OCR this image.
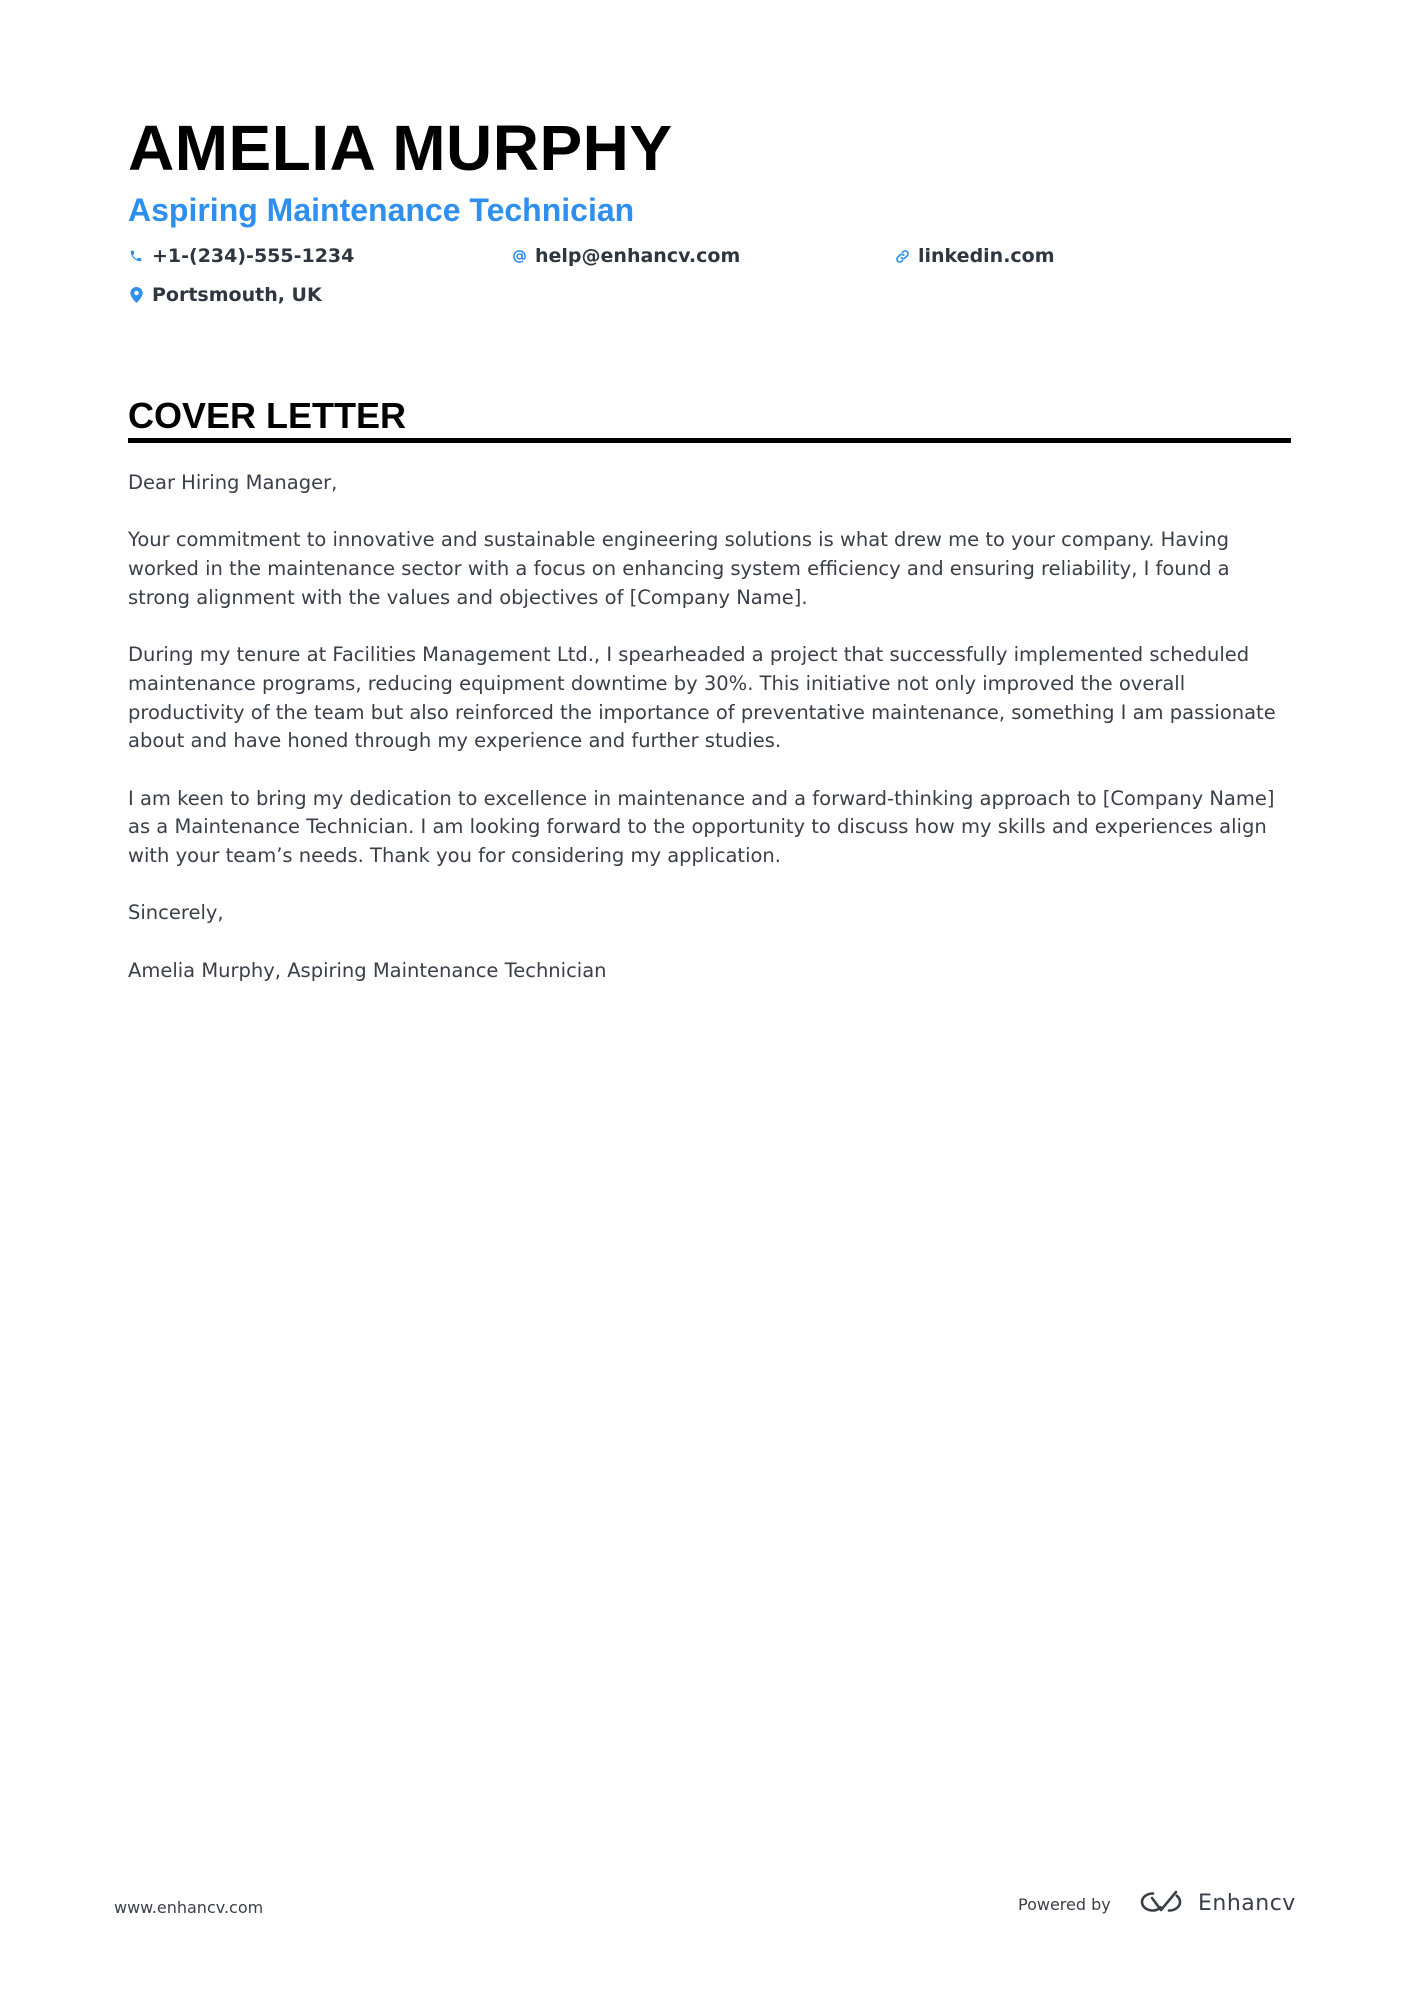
AMELIA MURPHY
Aspiring Maintenance Technician
+1-(234)-555-1234	help@enhancv.com	linkedin.com
Portsmouth, UK
COVER LETTER

Dear Hiring Manager,

Your commitment to innovative and sustainable engineering solutions is what drew me to your company. Having worked in the maintenance sector with a focus on enhancing system efficiency and ensuring reliability, I found a strong alignment with the values and objectives of [Company Name].

During my tenure at Facilities Management Ltd., I spearheaded a project that successfully implemented scheduled maintenance programs, reducing equipment downtime by 30%. This initiative not only improved the overall productivity of the team but also reinforced the importance of preventative maintenance, something I am passionate about and have honed through my experience and further studies.

I am keen to bring my dedication to excellence in maintenance and a forward-thinking approach to [Company Name] as a Maintenance Technician. I am looking forward to the opportunity to discuss how my skills and experiences align with your team’s needs. Thank you for considering my application.

Sincerely,

Amelia Murphy, Aspiring Maintenance Technician

www.enhancv.com	Powered by	Enhancv
